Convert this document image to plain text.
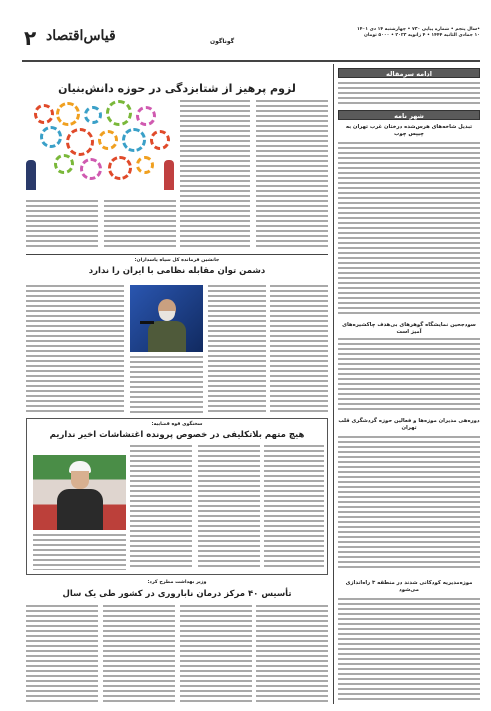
۲ قیاس‌اقتصاد	گوناگون
•سال پنجم • شماره پیاپی ۷۳۰ • چهارشنبه ۱۴ دی ۱۴۰۱
۱۰ جمادی الثانیه ۱۴۴۴ • ۴ ژانویه ۲۰۲۳ • ۵۰۰۰ تومان
ادامه سرمقاله
شهر نامه
تبدیل شاخه‌های هرس‌شده درختان غرب تهران به چیپس چوب
سودجحین نمایشگاه گوهرهای بی‌هدف چاکشیره‌های آمیز است
دوره‌هی مدیران موزه‌ها و فعالین حوزه گردشگری قلب تهران
موزه‌مدیریه کودکانی شدند در منطقه ۳ راه‌اندازی می‌شود
لزوم پرهیز از شتابزدگی در حوزه دانش‌بنیان
جانشین فرمانده کل سپاه پاسداران:
دشمن توان مقابله نظامی با ایران را ندارد
سخنگوی قوه قضاییه:
هیچ متهم بلاتکلیفی در خصوص پرونده اغتشاشات اخیر نداریم
وزیر بهداشت مطرح کرد:
تأسیس ۴۰ مرکز درمان ناباروری در کشور طی یک سال
